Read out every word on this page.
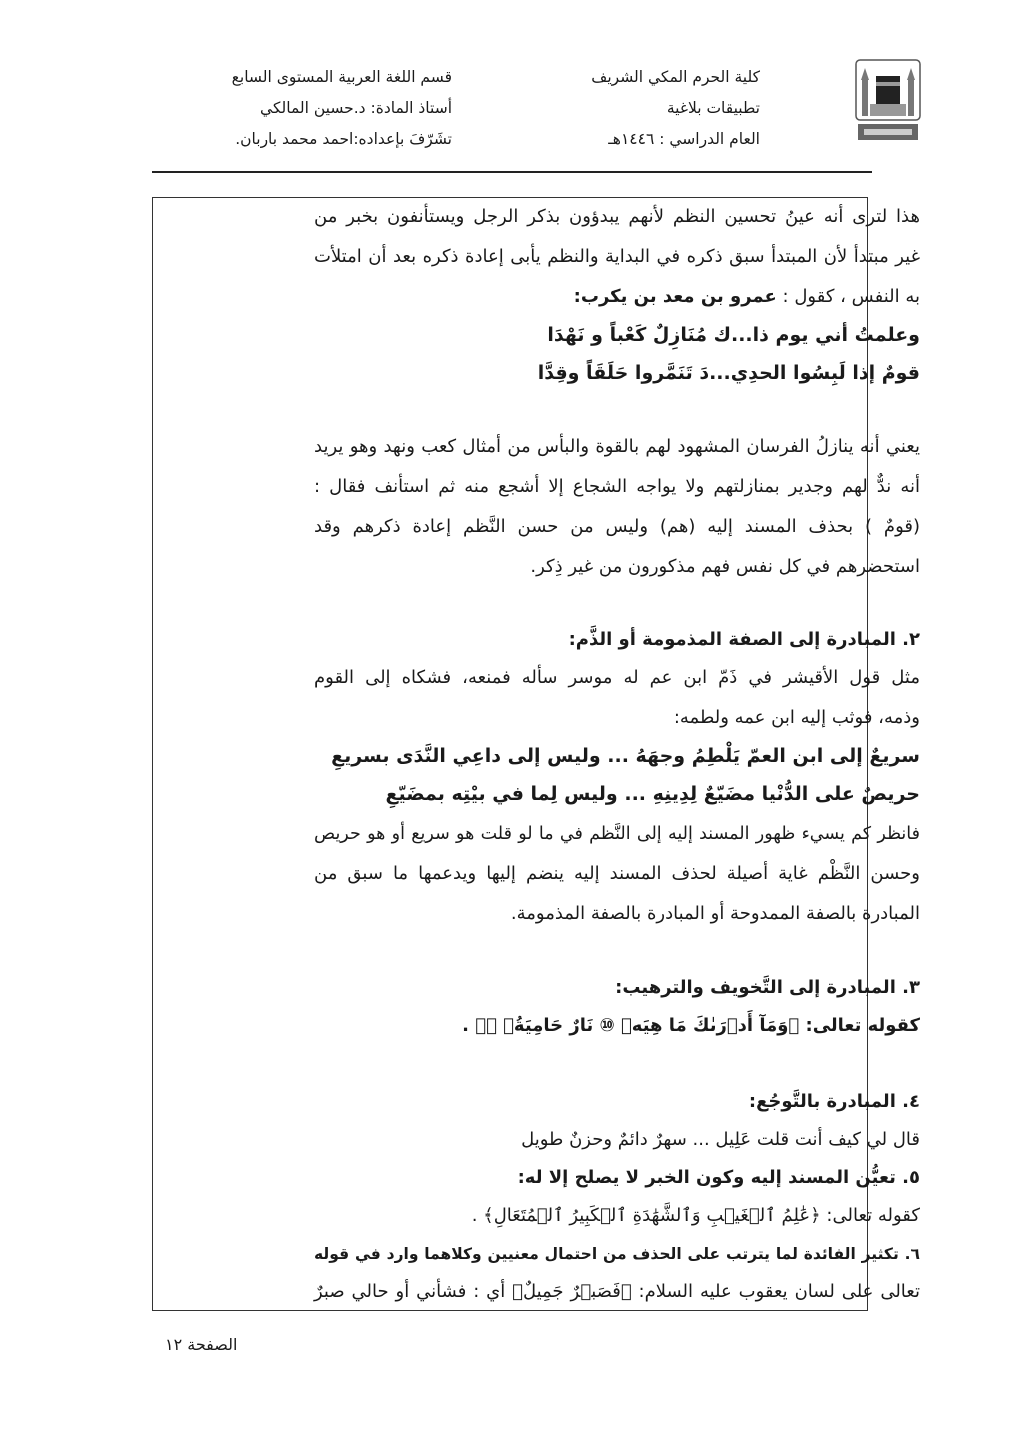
كلية الحرم المكي الشريف
تطبيقات بلاغية
العام الدراسي : ١٤٤٦هـ
قسم اللغة العربية المستوى السابع
أستاذ المادة: د.حسين المالكي
تشَرّفَ بإعداده:احمد محمد باربان.
هذا لترى أنه عينُ تحسين النظم لأنهم يبدؤون بذكر الرجل ويستأنفون بخبر من
غير مبتدأ لأن المبتدأ سبق ذكره في البداية والنظم يأبى إعادة ذكره بعد أن امتلأت
به النفس ، كقول : عمرو بن معد بن يكرب:
وعلمتُ أني يوم ذا...ك مُنَازِلٌ كَعْباً و نَهْدَا
قومٌ إذا لَبِسُوا الحدِي...دَ تَنَمَّروا حَلَقَاً وقِدَّا
يعني أنه ينازلُ الفرسان المشهود لهم بالقوة والبأس من أمثال كعب ونهد وهو يريد
أنه ندٌّ لهم وجدير بمنازلتهم ولا يواجه الشجاع إلا أشجع منه ثم استأنف فقال :
(قومٌ ) بحذف المسند إليه (هم) وليس من حسن النَّظم إعادة ذكرهم وقد
استحضرهم في كل نفس فهم مذكورون من غير ذِكر.
٢. المبادرة إلى الصفة المذمومة أو الذَّم:
مثل قول الأقيشر في ذَمّ ابن عم له موسر سأله فمنعه، فشكاه إلى القوم
وذمه، فوثب إليه ابن عمه ولطمه:
سريعٌ إلى ابن العمّ يَلْطِمُ وجهَهُ ... وليس إلى داعِي النَّدَى بسريعِ
حريصٌ على الدُّنْيا مضَيّعٌ لِدِينِهِ ... وليس لِما في بيْتِه بمضَيّعِ
فانظر كم يسيء ظهور المسند إليه إلى النَّظم في ما لو قلت هو سريع أو هو حريص
وحسن النَّظْم غاية أصيلة لحذف المسند إليه ينضم إليها ويدعمها ما سبق من
المبادرة بالصفة الممدوحة أو المبادرة بالصفة المذمومة.
٣. المبادرة إلى التَّخويف والترهيب:
كقوله تعالى: ﴿وَمَآ أَدۡرَىٰكَ مَا هِيَهۡ ⑩ نَارٌ حَامِيَةُۢ ⑪﴾ .
٤. المبادرة بالتَّوجُع:
قال لي كيف أنت قلت عَلِيل ... سهرٌ دائمٌ وحزنٌ طويل
٥. تعيُّن المسند إليه وكون الخبر لا يصلح إلا له:
كقوله تعالى: ﴿عَٰلِمُ ٱلۡغَيۡبِ وَٱلشَّهَٰدَةِ ٱلۡكَبِيرُ ٱلۡمُتَعَالِ﴾ .
٦. تكثير الفائدة لما يترتب على الحذف من احتمال معنيين وكلاهما وارد في قوله
تعالى على لسان يعقوب عليه السلام: ﴿فَصَبۡرٌ جَمِيلٌ﴾ أي : فشأني أو حالي صبرٌ
الصفحة ١٢
